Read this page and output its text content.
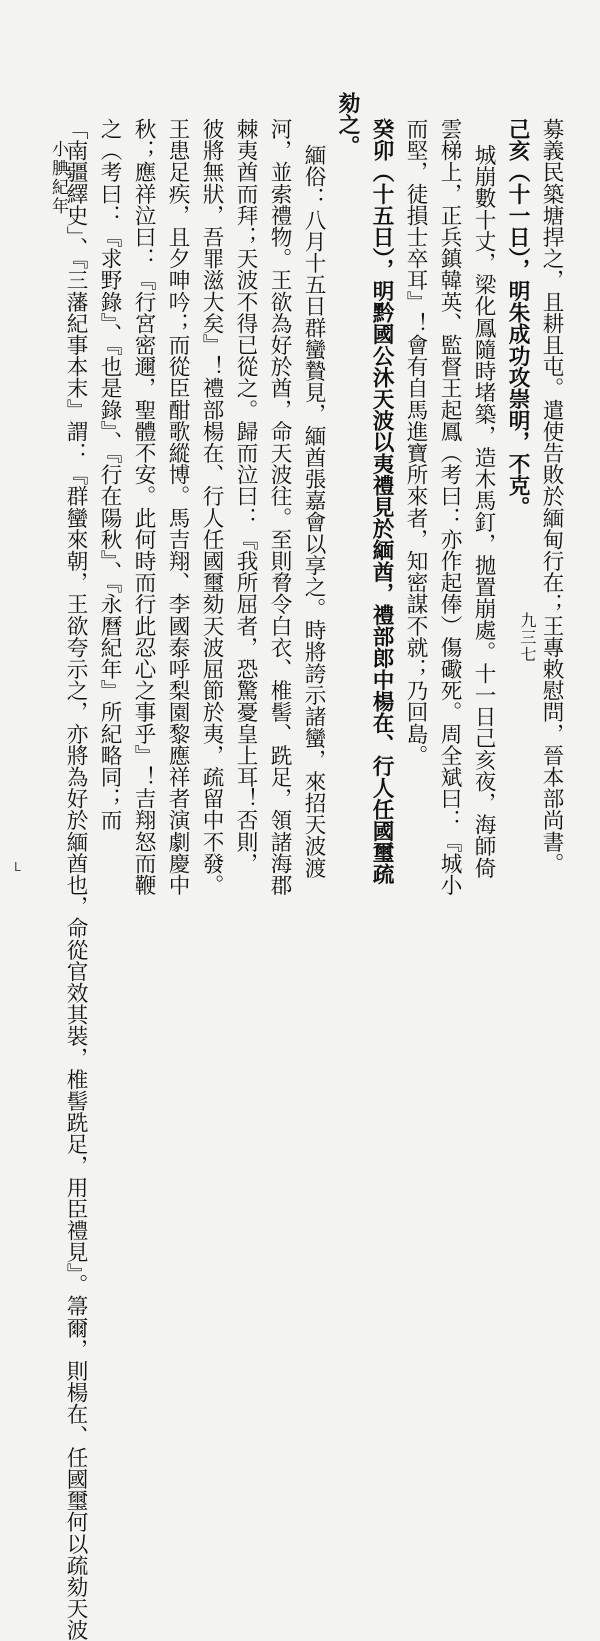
小腆紀年
九三七
L	募義民築塘捍之，且耕且屯。遣使告敗於緬甸行在；王專敕慰問，晉本部尚書。
己亥（十一日），明朱成功攻崇明，不克。
城崩數十丈，梁化鳳隨時堵築，造木馬釘，拋置崩處。十一日己亥夜，海師倚
雲梯上，正兵鎮韓英、監督王起鳳（考曰：亦作起俸）傷礮死。周全斌曰：『城小
而堅，徒損士卒耳』！會有自馬進寶所來者，知密謀不就；乃回島。
癸卯（十五日），明黔國公沐天波以夷禮見於緬酋，禮部郎中楊在、行人任國璽疏
劾之。
緬俗：八月十五日群蠻贄見，緬酋張嘉會以享之。時將誇示諸蠻，來招天波渡
河，並索禮物。王欲為好於酋，命天波往。至則脅令白衣、椎髻、跣足，領諸海郡
棘夷酋而拜；天波不得已從之。歸而泣曰：『我所屈者，恐驚憂皇上耳！否則，
彼將無狀，吾罪滋大矣』！禮部楊在、行人任國璽劾天波屈節於夷，疏留中不發。
王患足疾，且夕呻吟；而從臣酣歌縱博。馬吉翔、李國泰呼梨園黎應祥者演劇慶中
秋；應祥泣曰：『行宮密邇，聖體不安。此何時而行此忍心之事乎』！吉翔怒而鞭
之（考曰：『求野錄』、『也是錄』、『行在陽秋』、『永曆紀年』所紀略同；而
「南疆繹史」、『三藩紀事本末』謂：『群蠻來朝，王欲夸示之，亦將為好於緬酋也，命從官效其裝，椎髻跣足，用臣禮見』。箒爾，則楊在、任國璽何以疏劾天波
